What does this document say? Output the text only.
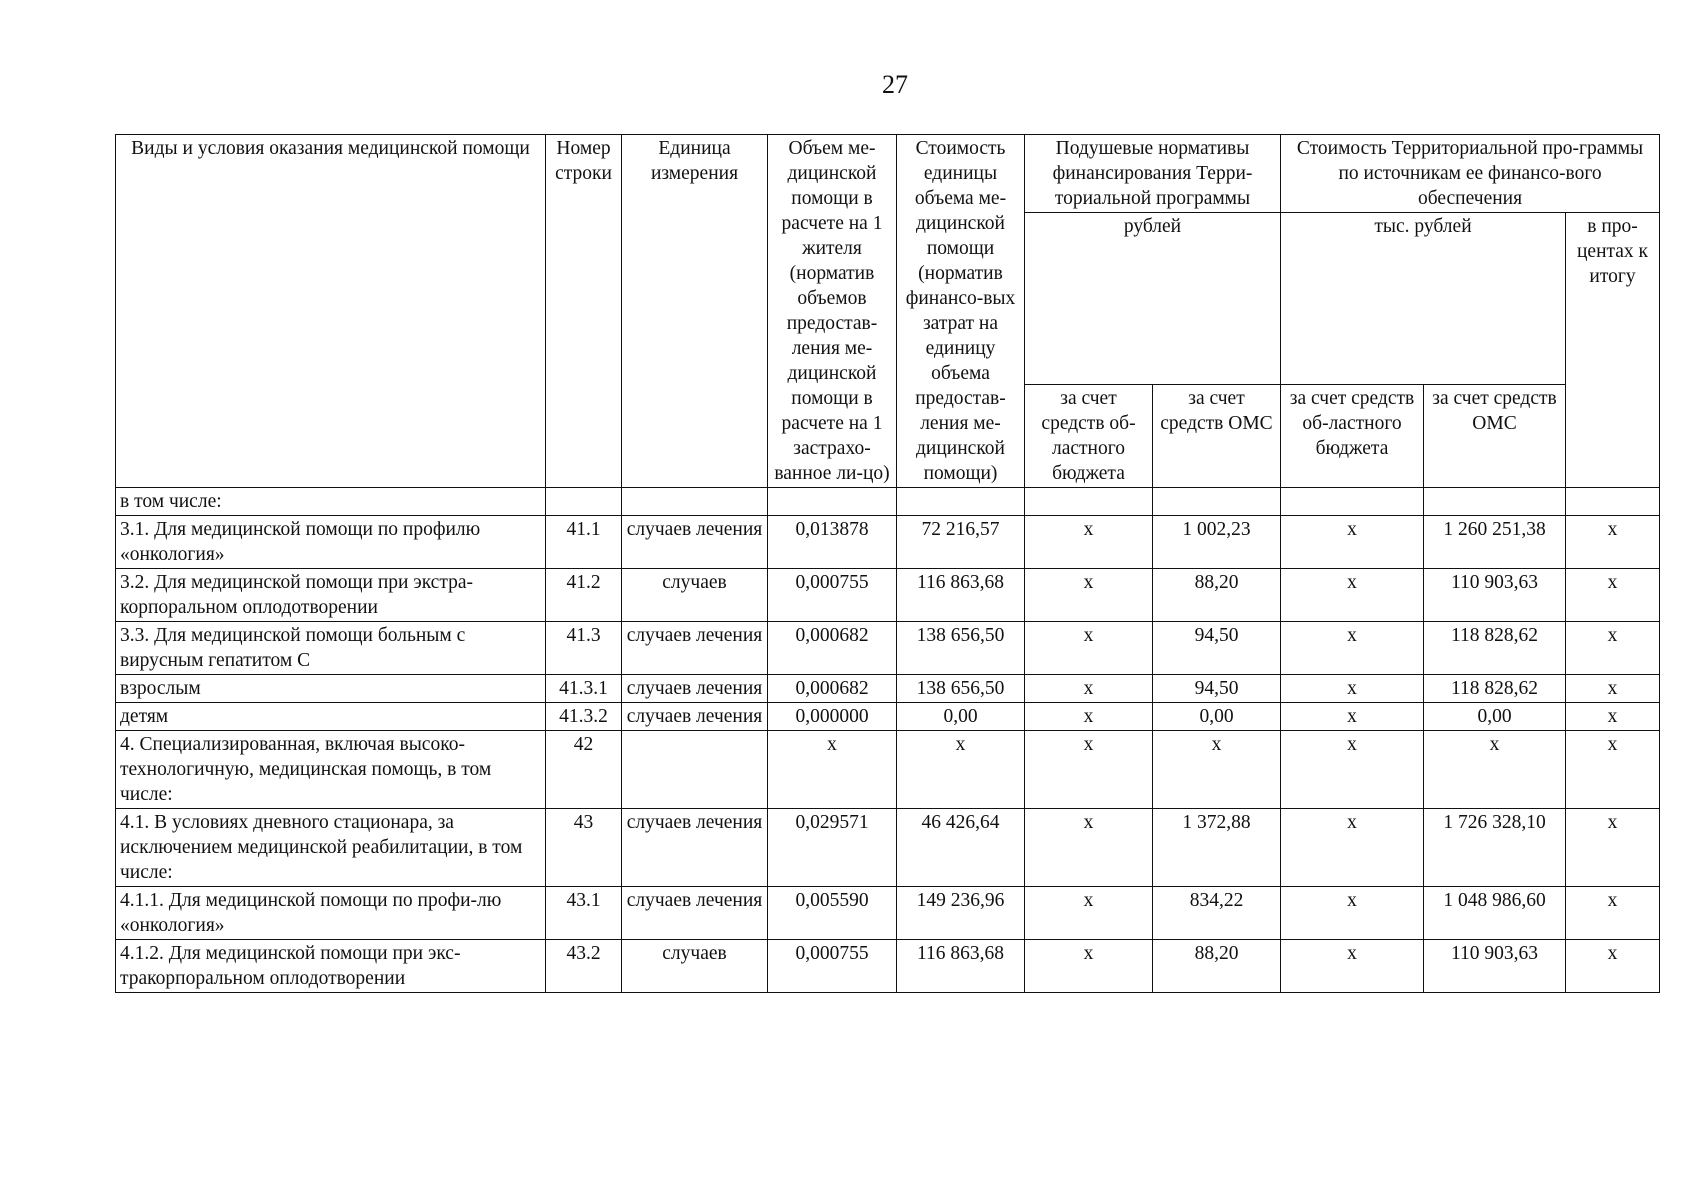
27
Виды и условия оказания медицинской помощи	Номер строки	Единица измерения	Объем ме-дицинской помощи в расчете на 1 жителя (норматив объемов предостав-ления ме-дицинской помощи в расчете на 1 застрахо-ванное ли-цо)	Стоимость единицы объема ме-дицинской помощи (норматив финансо-вых затрат на единицу объема предостав-ления ме-дицинской помощи)	Подушевые нормативы финансирования Терри-ториальной программы		Стоимость Территориальной про-граммы по источникам ее финансо-вого обеспечения		
					рублей		тыс. рублей		в про-центах к итогу
					за счет средств об-ластного бюджета	за счет средств ОМС	за счет средств об-ластного бюджета	за счет средств ОМС	
в том числе:									
3.1. Для медицинской помощи по профилю «онкология»	41.1	случаев лечения	0,013878	72 216,57	x	1 002,23	x	1 260 251,38	x
3.2. Для медицинской помощи при экстра-корпоральном оплодотворении	41.2	случаев	0,000755	116 863,68	x	88,20	x	110 903,63	x
3.3. Для медицинской помощи больным с вирусным гепатитом С	41.3	случаев лечения	0,000682	138 656,50	x	94,50	x	118 828,62	x
взрослым	41.3.1	случаев лечения	0,000682	138 656,50	x	94,50	x	118 828,62	x
детям	41.3.2	случаев лечения	0,000000	0,00	x	0,00	x	0,00	x
4. Специализированная, включая высоко-технологичную, медицинская помощь, в том числе:	42		x	x	x	x	x	x	x
4.1. В условиях дневного стационара, за исключением медицинской реабилитации, в том числе:	43	случаев лечения	0,029571	46 426,64	x	1 372,88	x	1 726 328,10	x
4.1.1. Для медицинской помощи по профи-лю «онкология»	43.1	случаев лечения	0,005590	149 236,96	x	834,22	x	1 048 986,60	x
4.1.2. Для медицинской помощи при экс-тракорпоральном оплодотворении	43.2	случаев	0,000755	116 863,68	x	88,20	x	110 903,63	x
